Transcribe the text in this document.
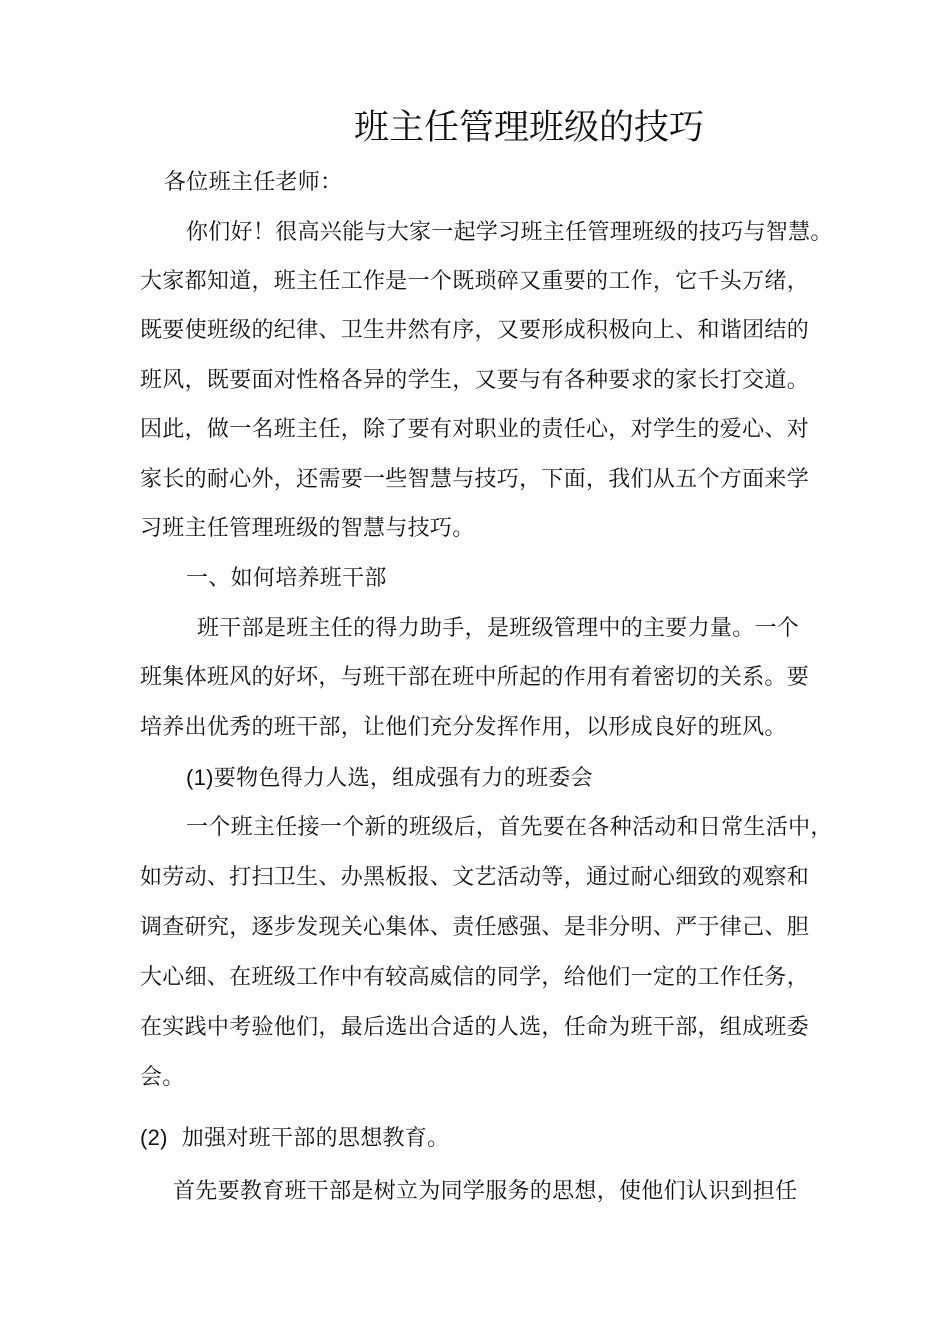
班主任管理班级的技巧
各位班主任老师：
你们好！很高兴能与大家一起学习班主任管理班级的技巧与智慧。
大家都知道，班主任工作是一个既琐碎又重要的工作，它千头万绪，
既要使班级的纪律、卫生井然有序，又要形成积极向上、和谐团结的
班风，既要面对性格各异的学生，又要与有各种要求的家长打交道。
因此，做一名班主任，除了要有对职业的责任心，对学生的爱心、对
家长的耐心外，还需要一些智慧与技巧，下面，我们从五个方面来学
习班主任管理班级的智慧与技巧。
一、如何培养班干部
班干部是班主任的得力助手，是班级管理中的主要力量。一个
班集体班风的好坏，与班干部在班中所起的作用有着密切的关系。要
培养出优秀的班干部，让他们充分发挥作用，以形成良好的班风。
(1)要物色得力人选，组成强有力的班委会
一个班主任接一个新的班级后，首先要在各种活动和日常生活中，
如劳动、打扫卫生、办黑板报、文艺活动等，通过耐心细致的观察和
调查研究，逐步发现关心集体、责任感强、是非分明、严于律己、胆
大心细、在班级工作中有较高威信的同学，给他们一定的工作任务，
在实践中考验他们，最后选出合适的人选，任命为班干部，组成班委
会。
(2) 加强对班干部的思想教育。
首先要教育班干部是树立为同学服务的思想，使他们认识到担任
